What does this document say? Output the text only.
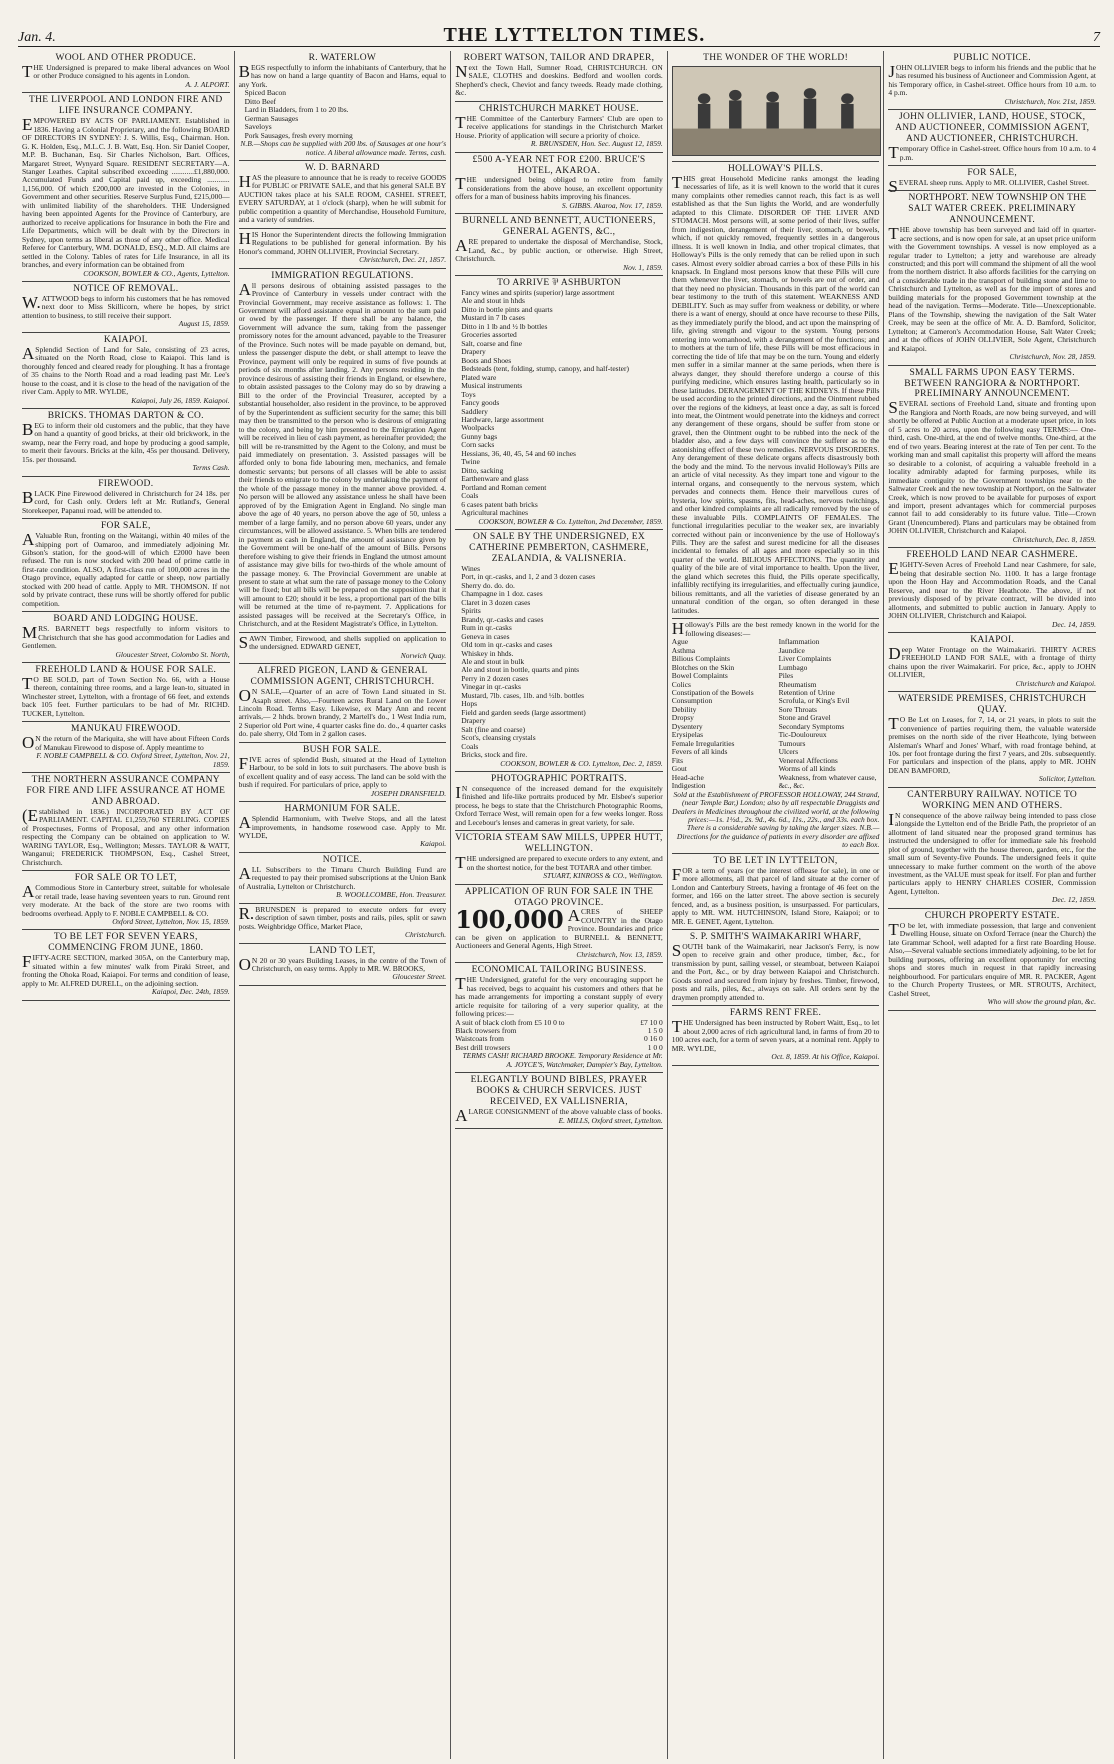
Jan. 4.	THE LYTTELTON TIMES.	7
WOOL AND OTHER PRODUCE.
THE Undersigned is prepared to make liberal advances on Wool or other Produce consigned to his agents in London.
A. J. ALPORT.
THE LIVERPOOL AND LONDON FIRE AND LIFE INSURANCE COMPANY.
EMPOWERED BY ACTS OF PARLIAMENT. Established in 1836. Having a Colonial Proprietary, and the following BOARD OF DIRECTORS IN SYDNEY: J. S. Willis, Esq., Chairman. Hon. G. K. Holden, Esq., M.L.C. J. B. Watt, Esq. Hon. Sir Daniel Cooper, M.P. B. Buchanan, Esq. Sir Charles Nicholson, Bart. Offices, Margaret Street, Wynyard Square. RESIDENT SECRETARY—A. Stanger Leathes. Capital subscribed exceeding ............£1,880,000. Accumulated Funds and Capital paid up, exceeding ............ 1,156,000. Of which £200,000 are invested in the Colonies, in Government and other securities. Reserve Surplus Fund, £215,000—with unlimited liability of the shareholders. THE Undersigned having been appointed Agents for the Province of Canterbury, are authorized to receive applications for Insurance in both the Fire and Life Departments, which will be dealt with by the Directors in Sydney, upon terms as liberal as those of any other office. Medical Referee for Canterbury, WM. DONALD, ESQ., M.D. All claims are settled in the Colony. Tables of rates for Life Insurance, in all its branches, and every information can be obtained from
COOKSON, BOWLER & CO., Agents, Lyttelton.
NOTICE OF REMOVAL.
W.ATTWOOD begs to inform his customers that he has removed next door to Miss Skillicorn, where he hopes, by strict attention to business, to still receive their support.
August 15, 1859.
KAIAPOI.
ASplendid Section of Land for Sale, consisting of 23 acres, situated on the North Road, close to Kaiapoi. This land is thoroughly fenced and cleared ready for ploughing. It has a frontage of 35 chains to the North Road and a road leading past Mr. Lee's house to the coast, and it is close to the head of the navigation of the river Cam. Apply to MR. WYLDE,
Kaiapoi, July 26, 1859. Kaiapoi.
BRICKS. THOMAS DARTON & CO.
BEG to inform their old customers and the public, that they have on hand a quantity of good bricks, at their old brickwork, in the swamp, near the Ferry road, and hope by producing a good sample, to merit their favours. Bricks at the kiln, 45s per thousand. Delivery, 15s. per thousand.
Terms Cash.
FIREWOOD.
BLACK Pine Firewood delivered in Christchurch for 24 18s. per cord, for Cash only. Orders left at Mr. Rutland's, General Storekeeper, Papanui road, will be attended to.
FOR SALE,
AValuable Run, fronting on the Waitangi, within 40 miles of the shipping port of Oamaroo, and immediately adjoining Mr. Gibson's station, for the good-will of which £2000 have been refused. The run is now stocked with 200 head of prime cattle in first-rate condition. ALSO, A first-class run of 100,000 acres in the Otago province, equally adapted for cattle or sheep, now partially stocked with 200 head of cattle. Apply to MR. THOMSON. If not sold by private contract, these runs will be shortly offered for public competition.
BOARD AND LODGING HOUSE.
MRS. BARNETT begs respectfully to inform visitors to Christchurch that she has good accommodation for Ladies and Gentlemen.
Gloucester Street, Colombo St. North,
FREEHOLD LAND & HOUSE FOR SALE.
TO BE SOLD, part of Town Section No. 66, with a House thereon, containing three rooms, and a large lean-to, situated in Winchester street, Lyttelton, with a frontage of 66 feet, and extends back 105 feet. Further particulars to be had of Mr. RICHD. TUCKER, Lyttelton.
MANUKAU FIREWOOD.
ON the return of the Mariquita, she will have about Fifteen Cords of Manukau Firewood to dispose of. Apply meantime to
F. NOBLE CAMPBELL & CO. Oxford Street, Lyttelton, Nov. 21, 1859.
THE NORTHERN ASSURANCE COMPANY FOR FIRE AND LIFE ASSURANCE AT HOME AND ABROAD.
(Established in 1836.) INCORPORATED BY ACT OF PARLIAMENT. CAPITAL £1,259,760 STERLING. COPIES of Prospectuses, Forms of Proposal, and any other information respecting the Company can be obtained on application to W. WARING TAYLOR, Esq., Wellington; Messrs. TAYLOR & WATT, Wanganui; FREDERICK THOMPSON, Esq., Cashel Street, Christchurch.
FOR SALE OR TO LET,
ACommodious Store in Canterbury street, suitable for wholesale or retail trade, lease having seventeen years to run. Ground rent very moderate. At the back of the store are two rooms with bedrooms overhead. Apply to F. NOBLE CAMPBELL & CO.
Oxford Street, Lyttelton, Nov. 15, 1859.
TO BE LET FOR SEVEN YEARS, COMMENCING FROM JUNE, 1860.
FIFTY-ACRE SECTION, marked 305A, on the Canterbury map, situated within a few minutes' walk from Piraki Street, and fronting the Ohoka Road, Kaiapoi. For terms and condition of lease, apply to Mr. ALFRED DURELL, on the adjoining section.
Kaiapoi, Dec. 24th, 1859.
R. WATERLOW
BEGS respectfully to inform the inhabitants of Canterbury, that he has now on hand a large quantity of Bacon and Hams, equal to any York.
Spiced Bacon
Ditto Beef
Lard in Bladders, from 1 to 20 lbs.
German Sausages
Saveloys
Pork Sausages, fresh every morning
N.B.—Shops can be supplied with 200 lbs. of Sausages at one hour's notice. A liberal allowance made. Terms, cash.
W. D. BARNARD
HAS the pleasure to announce that he is ready to receive GOODS for PUBLIC or PRIVATE SALE, and that his general SALE BY AUCTION takes place at his SALE ROOM, CASHEL STREET, EVERY SATURDAY, at 1 o'clock (sharp), when he will submit for public competition a quantity of Merchandise, Household Furniture, and a variety of sundries.
HIS Honor the Superintendent directs the following Immigration Regulations to be published for general information. By his Honor's command, JOHN OLLIVIER, Provincial Secretary.
Christchurch, Dec. 21, 1857.
IMMIGRATION REGULATIONS.
All persons desirous of obtaining assisted passages to the Province of Canterbury in vessels under contract with the Provincial Government, may receive assistance as follows: 1. The Government will afford assistance equal in amount to the sum paid or owed by the passenger. If there shall be any balance, the Government will advance the sum, taking from the passenger promissory notes for the amount advanced, payable to the Treasurer of the Province. Such notes will be made payable on demand, but, unless the passenger dispute the debt, or shall attempt to leave the Province, payment will only be required in sums of five pounds at periods of six months after landing. 2. Any persons residing in the province desirous of assisting their friends in England, or elsewhere, to obtain assisted passages to the Colony may do so by drawing a Bill to the order of the Provincial Treasurer, accepted by a substantial householder, also resident in the province, to be approved of by the Superintendent as sufficient security for the same; this bill may then be transmitted to the person who is desirous of emigrating to the colony, and being by him presented to the Emigration Agent will be received in lieu of cash payment, as hereinafter provided; the bill will be re-transmitted by the Agent to the Colony, and must be paid immediately on presentation. 3. Assisted passages will be afforded only to bona fide labouring men, mechanics, and female domestic servants; but persons of all classes will be able to assist their friends to emigrate to the colony by undertaking the payment of the whole of the passage money in the manner above provided. 4. No person will be allowed any assistance unless he shall have been approved of by the Emigration Agent in England. No single man above the age of 40 years, no person above the age of 50, unless a member of a large family, and no person above 60 years, under any circumstances, will be allowed assistance. 5. When bills are tendered in payment as cash in England, the amount of assistance given by the Government will be one-half of the amount of Bills. Persons therefore wishing to give their friends in England the utmost amount of assistance may give bills for two-thirds of the whole amount of the passage money. 6. The Provincial Government are unable at present to state at what sum the rate of passage money to the Colony will be fixed; but all bills will be prepared on the supposition that it will amount to £20; should it be less, a proportional part of the bills will be returned at the time of re-payment. 7. Applications for assisted passages will be received at the Secretary's Office, in Christchurch, and at the Resident Magistrate's Office, in Lyttelton.
SAWN Timber, Firewood, and shells supplied on application to the undersigned. EDWARD GENET,
Norwich Quay.
ALFRED PIGEON, LAND & GENERAL COMMISSION AGENT, CHRISTCHURCH.
ON SALE,—Quarter of an acre of Town Land situated in St. Asaph street. Also,—Fourteen acres Rural Land on the Lower Lincoln Road. Terms Easy. Likewise, ex Mary Ann and recent arrivals,— 2 hhds. brown brandy, 2 Martell's do., 1 West India rum, 2 Superior old Port wine, 4 quarter casks fine do. do., 4 quarter casks do. pale sherry, Old Tom in 2 gallon cases.
BUSH FOR SALE.
FIVE acres of splendid Bush, situated at the Head of Lyttelton Harbour, to be sold in lots to suit purchasers. The above bush is of excellent quality and of easy access. The land can be sold with the bush if required. For particulars of price, apply to
JOSEPH DRANSFIELD.
HARMONIUM FOR SALE.
ASplendid Harmonium, with Twelve Stops, and all the latest improvements, in handsome rosewood case. Apply to Mr. WYLDE,
Kaiapoi.
NOTICE.
ALL Subscribers to the Timaru Church Building Fund are requested to pay their promised subscriptions at the Union Bank of Australia, Lyttelton or Christchurch.
B. WOOLLCOMBE, Hon. Treasurer.
R.BRUNSDEN is prepared to execute orders for every description of sawn timber, posts and rails, piles, split or sawn posts. Weighbridge Office, Market Place,
Christchurch.
LAND TO LET,
ON 20 or 30 years Building Leases, in the centre of the Town of Christchurch, on easy terms. Apply to MR. W. BROOKS,
Gloucester Street.
ROBERT WATSON, TAILOR AND DRAPER,
Next the Town Hall, Sumner Road, CHRISTCHURCH. ON SALE, CLOTHS and doeskins. Bedford and woollen cords. Shepherd's check, Cheviot and fancy tweeds. Ready made clothing, &c.
CHRISTCHURCH MARKET HOUSE.
THE Committee of the Canterbury Farmers' Club are open to receive applications for standings in the Christchurch Market House. Priority of application will secure a priority of choice.
R. BRUNSDEN, Hon. Sec. August 12, 1859.
£500 A-YEAR NET FOR £200. BRUCE'S HOTEL, AKAROA.
THE undersigned being obliged to retire from family considerations from the above house, an excellent opportunity offers for a man of business habits improving his finances.
S. GIBBS. Akaroa, Nov. 17, 1859.
BURNELL AND BENNETT, AUCTIONEERS, GENERAL AGENTS, &C.,
ARE prepared to undertake the disposal of Merchandise, Stock, Land, &c., by public auction, or otherwise. High Street, Christchurch.
Nov. 1, 1859.
TO ARRIVE ⅌ ASHBURTON
Fancy wines and spirits (superior) large assortment
Ale and stout in hhds
Ditto in bottle pints and quarts
Mustard in 7 lb cases
Ditto in 1 lb and ½ lb bottles
Groceries assorted
Salt, coarse and fine
Drapery
Boots and Shoes
Bedsteads (tent, folding, stump, canopy, and half-tester)
Plated ware
Musical instruments
Toys
Fancy goods
Saddlery
Hardware, large assortment
Woolpacks
Gunny bags
Corn sacks
Hessians, 36, 40, 45, 54 and 60 inches
Twine
Ditto, sacking
Earthenware and glass
Portland and Roman cement
Coals
6 cases patent bath bricks
Agricultural machines
COOKSON, BOWLER & Co. Lyttelton, 2nd December, 1859.
ON SALE BY THE UNDERSIGNED, EX CATHERINE PEMBERTON, CASHMERE, ZEALANDIA, & VALISNERIA.
Wines
Port, in qr.-casks, and 1, 2 and 3 dozen cases
Sherry do. do. do.
Champagne in 1 doz. cases
Claret in 3 dozen cases
Spirits
Brandy, qr.-casks and cases
Rum in qr.-casks
Geneva in cases
Old tom in qr.-casks and cases
Whiskey in hhds.
Ale and stout in bulk
Ale and stout in bottle, quarts and pints
Perry in 2 dozen cases
Vinegar in qr.-casks
Mustard, 7lb. cases, 1lb. and ½lb. bottles
Hops
Field and garden seeds (large assortment)
Drapery
Salt (fine and coarse)
Scot's, cleansing crystals
Coals
Bricks, stock and fire.
COOKSON, BOWLER & CO. Lyttelton, Dec. 2, 1859.
PHOTOGRAPHIC PORTRAITS.
IN consequence of the increased demand for the exquisitely finished and life-like portraits produced by Mr. Elsbee's superior process, he begs to state that the Christchurch Photographic Rooms, Oxford Terrace West, will remain open for a few weeks longer. Ross and Lecebour's lenses and cameras in great variety, for sale.
VICTORIA STEAM SAW MILLS, UPPER HUTT, WELLINGTON.
THE undersigned are prepared to execute orders to any extent, and on the shortest notice, for the best TOTARA and other timber.
STUART, KINROSS & CO., Wellington.
APPLICATION OF RUN FOR SALE IN THE OTAGO PROVINCE.
100,000 ACRES of SHEEP COUNTRY in the Otago Province. Boundaries and price can be given on application to BURNELL & BENNETT, Auctioneers and General Agents, High Street.
Christchurch, Nov. 13, 1859.
ECONOMICAL TAILORING BUSINESS.
THE Undersigned, grateful for the very encouraging support he has received, begs to acquaint his customers and others that he has made arrangements for importing a constant supply of every article requisite for tailoring of a very superior quality, at the following prices:—
A suit of black cloth from £5 10 0 to	£7 10 0
Black trowsers from	1 5 0
Waistcoats from	0 16 0
Best drill trowsers	1 0 0
TERMS CASH! RICHARD BROOKE. Temporary Residence at Mr. A. JOYCE'S, Watchmaker, Dampier's Bay, Lyttelton.
ELEGANTLY BOUND BIBLES, PRAYER BOOKS & CHURCH SERVICES. JUST RECEIVED, EX VALLISNERIA,
ALARGE CONSIGNMENT of the above valuable class of books.
E. MILLS, Oxford street, Lyttelton.
THE WONDER OF THE WORLD!
HOLLOWAY'S PILLS.
THIS great Household Medicine ranks amongst the leading necessaries of life, as it is well known to the world that it cures many complaints other remedies cannot reach, this fact is as well established as that the Sun lights the World, and are wonderfully adapted to this Climate. DISORDER OF THE LIVER AND STOMACH. Most persons will, at some period of their lives, suffer from indigestion, derangement of their liver, stomach, or bowels, which, if not quickly removed, frequently settles in a dangerous illness. It is well known in India, and other tropical climates, that Holloway's Pills is the only remedy that can be relied upon in such cases. Almost every soldier abroad carries a box of these Pills in his knapsack. In England most persons know that these Pills will cure them whenever the liver, stomach, or bowels are out of order, and that they need no physician. Thousands in this part of the world can bear testimony to the truth of this statement. WEAKNESS AND DEBILITY. Such as may suffer from weakness or debility, or where there is a want of energy, should at once have recourse to these Pills, as they immediately purify the blood, and act upon the mainspring of life, giving strength and vigour to the system. Young persons entering into womanhood, with a derangement of the functions; and to mothers at the turn of life, these Pills will be most efficacious in correcting the tide of life that may be on the turn. Young and elderly men suffer in a similar manner at the same periods, when there is always danger, they should therefore undergo a course of this purifying medicine, which ensures lasting health, particularly so in these latitudes. DERANGEMENT OF THE KIDNEYS. If these Pills be used according to the printed directions, and the Ointment rubbed over the regions of the kidneys, at least once a day, as salt is forced into meat, the Ointment would penetrate into the kidneys and correct any derangement of these organs, should be suffer from stone or gravel, then the Ointment ought to be rubbed into the neck of the bladder also, and a few days will convince the sufferer as to the astonishing effect of these two remedies. NERVOUS DISORDERS. Any derangement of these delicate organs affects disastrously both the body and the mind. To the nervous invalid Holloway's Pills are an article of vital necessity. As they impart tone and vigour to the internal organs, and consequently to the nervous system, which pervades and connects them. Hence their marvellous cures of hysteria, low spirits, spasms, fits, head-aches, nervous twitchings, and other kindred complaints are all radically removed by the use of these invaluable Pills. COMPLAINTS OF FEMALES. The functional irregularities peculiar to the weaker sex, are invariably corrected without pain or inconvenience by the use of Holloway's Pills. They are the safest and surest medicine for all the diseases incidental to females of all ages and more especially so in this quarter of the world. BILIOUS AFFECTIONS. The quantity and quality of the bile are of vital importance to health. Upon the liver, the gland which secretes this fluid, the Pills operate specifically, infallibly rectifying its irregularities, and effectually curing jaundice, bilious remittants, and all the varieties of disease generated by an unnatural condition of the organ, so often deranged in these latitudes.
Holloway's Pills are the best remedy known in the world for the following diseases:—
Ague
Asthma
Bilious Complaints
Blotches on the Skin
Bowel Complaints
Colics
Constipation of the Bowels
Consumption
Debility
Dropsy
Dysentery
Erysipelas
Female Irregularities
Fevers of all kinds
Fits
Gout
Head-ache
Indigestion
Inflammation
Jaundice
Liver Complaints
Lumbago
Piles
Rheumatism
Retention of Urine
Scrofula, or King's Evil
Sore Throats
Stone and Gravel
Secondary Symptoms
Tic-Douloureux
Tumours
Ulcers
Venereal Affections
Worms of all kinds
Weakness, from whatever cause, &c., &c.
Sold at the Establishment of PROFESSOR HOLLOWAY, 244 Strand, (near Temple Bar,) London; also by all respectable Druggists and Dealers in Medicines throughout the civilized world, at the following prices:—1s. 1½d., 2s. 9d., 4s. 6d., 11s., 22s., and 33s. each box. There is a considerable saving by taking the larger sizes. N.B.—Directions for the guidance of patients in every disorder are affixed to each Box.
TO BE LET IN LYTTELTON,
FOR a term of years (or the interest offlease for sale), in one or more allotments, all that parcel of land situate at the corner of London and Canterbury Streets, having a frontage of 46 feet on the former, and 166 on the latter street. The above section is securely fenced, and, as a business position, is unsurpassed. For particulars, apply to MR. WM. HUTCHINSON, Island Store, Kaiapoi; or to MR. E. GENET, Agent, Lyttelton.
S. P. SMITH'S WAIMAKARIRI WHARF,
SOUTH bank of the Waimakariri, near Jackson's Ferry, is now open to receive grain and other produce, timber, &c., for transmission by punt, sailing vessel, or steamboat, between Kaiapoi and the Port, &c., or by dray between Kaiapoi and Christchurch. Goods stored and secured from injury by freshes. Timber, firewood, posts and rails, piles, &c., always on sale. All orders sent by the draymen promptly attended to.
FARMS RENT FREE.
THE Undersigned has been instructed by Robert Waitt, Esq., to let about 2,000 acres of rich agricultural land, in farms of from 20 to 100 acres each, for a term of seven years, at a nominal rent. Apply to MR. WYLDE,
Oct. 8, 1859. At his Office, Kaiapoi.
PUBLIC NOTICE.
JOHN OLLIVIER begs to inform his friends and the public that he has resumed his business of Auctioneer and Commission Agent, at his Temporary office, in Cashel-street. Office hours from 10 a.m. to 4 p.m.
Christchurch, Nov. 21st, 1859.
JOHN OLLIVIER, LAND, HOUSE, STOCK, AND AUCTIONEER, COMMISSION AGENT, AND AUCTIONEER, CHRISTCHURCH.
Temporary Office in Cashel-street. Office hours from 10 a.m. to 4 p.m.
FOR SALE,
SEVERAL sheep runs. Apply to MR. OLLIVIER, Cashel Street.
NORTHPORT. NEW TOWNSHIP ON THE SALT WATER CREEK. PRELIMINARY ANNOUNCEMENT.
THE above township has been surveyed and laid off in quarter-acre sections, and is now open for sale, at an upset price uniform with the Government townships. A vessel is now employed as a regular trader to Lyttelton; a jetty and warehouse are already constructed; and this port will command the shipment of all the wool from the northern district. It also affords facilities for the carrying on of a considerable trade in the transport of building stone and lime to Christchurch and Lyttelton, as well as for the import of stores and building materials for the proposed Government township at the head of the navigation. Terms—Moderate. Title—Unexceptionable. Plans of the Township, shewing the navigation of the Salt Water Creek, may be seen at the office of Mr. A. D. Bamford, Solicitor, Lyttelton; at Cameron's Accommodation House, Salt Water Creek; and at the offices of JOHN OLLIVIER, Sole Agent, Christchurch and Kaiapoi.
Christchurch, Nov. 28, 1859.
SMALL FARMS UPON EASY TERMS. BETWEEN RANGIORA & NORTHPORT. PRELIMINARY ANNOUNCEMENT.
SEVERAL sections of Freehold Land, situate and fronting upon the Rangiora and North Roads, are now being surveyed, and will shortly be offered at Public Auction at a moderate upset price, in lots of 5 acres to 20 acres, upon the following easy TERMS:— One-third, cash. One-third, at the end of twelve months. One-third, at the end of two years. Bearing interest at the rate of Ten per cent. To the working man and small capitalist this property will afford the means so desirable to a colonist, of acquiring a valuable freehold in a locality admirably adapted for farming purposes, while its immediate contiguity to the Government townships near to the Saltwater Creek and the new township at Northport, on the Saltwater Creek, which is now proved to be available for purposes of export and import, present advantages which for commercial purposes cannot fail to add considerably to its future value. Title—Crown Grant (Unencumbered). Plans and particulars may be obtained from JOHN OLLIVIER, Christchurch and Kaiapoi.
Christchurch, Dec. 8, 1859.
FREEHOLD LAND NEAR CASHMERE.
EIGHTY-Seven Acres of Freehold Land near Cashmere, for sale, being that desirable section No. 1100. It has a large frontage upon the Hoon Hay and Accommodation Roads, and the Canal Reserve, and near to the River Heathcote. The above, if not previously disposed of by private contract, will be divided into allotments, and submitted to public auction in January. Apply to JOHN OLLIVIER, Christchurch and Kaiapoi.
Dec. 14, 1859.
KAIAPOI.
Deep Water Frontage on the Waimakariri. THIRTY ACRES FREEHOLD LAND FOR SALE, with a frontage of thirty chains upon the river Waimakariri. For price, &c., apply to JOHN OLLIVIER,
Christchurch and Kaiapoi.
WATERSIDE PREMISES, CHRISTCHURCH QUAY.
TO Be Let on Leases, for 7, 14, or 21 years, in plots to suit the convenience of parties requiring them, the valuable waterside premises on the north side of the river Heathcote, lying between Alsleman's Wharf and Jones' Wharf, with road frontage behind, at 10s. per foot frontage during the first 7 years, and 20s. subsequently. For particulars and inspection of the plans, apply to MR. JOHN DEAN BAMFORD,
Solicitor, Lyttelton.
CANTERBURY RAILWAY. NOTICE TO WORKING MEN AND OTHERS.
IN consequence of the above railway being intended to pass close alongside the Lyttelton end of the Bridle Path, the proprietor of an allotment of land situated near the proposed grand terminus has instructed the undersigned to offer for immediate sale his freehold plot of ground, together with the house thereon, garden, etc., for the small sum of Seventy-five Pounds. The undersigned feels it quite unnecessary to make further comment on the worth of the above investment, as the VALUE must speak for itself. For plan and further particulars apply to HENRY CHARLES COSIER, Commission Agent, Lyttelton.
Dec. 12, 1859.
CHURCH PROPERTY ESTATE.
TO be let, with immediate possession, that large and convenient Dwelling House, situate on Oxford Terrace (near the Church) the late Grammar School, well adapted for a first rate Boarding House. Also,—Several valuable sections immediately adjoining, to be let for building purposes, offering an excellent opportunity for erecting shops and stores much in request in that rapidly increasing neighbourhood. For particulars enquire of MR. R. PACKER, Agent to the Church Property Trustees, or MR. STROUTS, Architect, Cashel Street,
Who will show the ground plan, &c.
